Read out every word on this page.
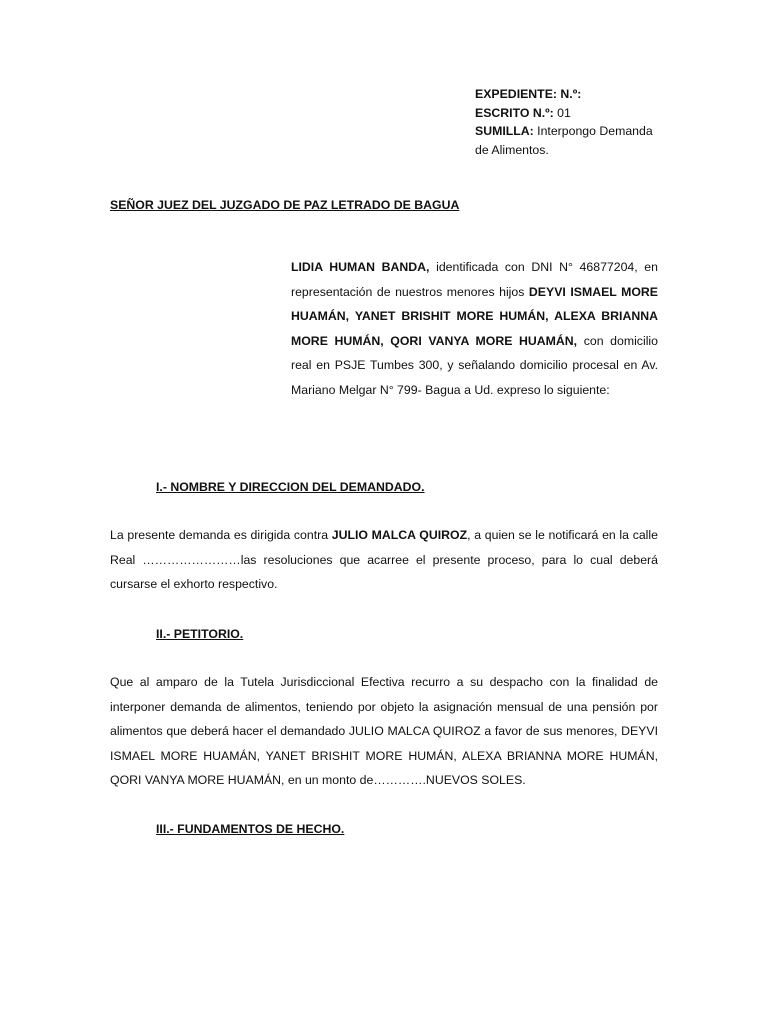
EXPEDIENTE: N.º:
ESCRITO N.º: 01
SUMILLA: Interpongo Demanda
de Alimentos.
SEÑOR JUEZ DEL JUZGADO DE PAZ LETRADO DE BAGUA
LIDIA HUMAN BANDA, identificada con DNI N° 46877204, en representación de nuestros menores hijos DEYVI ISMAEL MORE HUAMÁN, YANET BRISHIT MORE HUMÁN, ALEXA BRIANNA MORE HUMÁN, QORI VANYA MORE HUAMÁN, con domicilio real en PSJE Tumbes 300, y señalando domicilio procesal en Av. Mariano Melgar N° 799- Bagua a Ud. expreso lo siguiente:
I.- NOMBRE Y DIRECCION DEL DEMANDADO.
La presente demanda es dirigida contra JULIO MALCA QUIROZ, a quien se le notificará en la calle Real ……………………las resoluciones que acarree el presente proceso, para lo cual deberá cursarse el exhorto respectivo.
II.- PETITORIO.
Que al amparo de la Tutela Jurisdiccional Efectiva recurro a su despacho con la finalidad de interponer demanda de alimentos, teniendo por objeto la asignación mensual de una pensión por alimentos que deberá hacer el demandado JULIO MALCA QUIROZ a favor de sus menores, DEYVI ISMAEL MORE HUAMÁN, YANET BRISHIT MORE HUMÁN, ALEXA BRIANNA MORE HUMÁN, QORI VANYA MORE HUAMÁN, en un monto de………….NUEVOS SOLES.
III.- FUNDAMENTOS DE HECHO.
